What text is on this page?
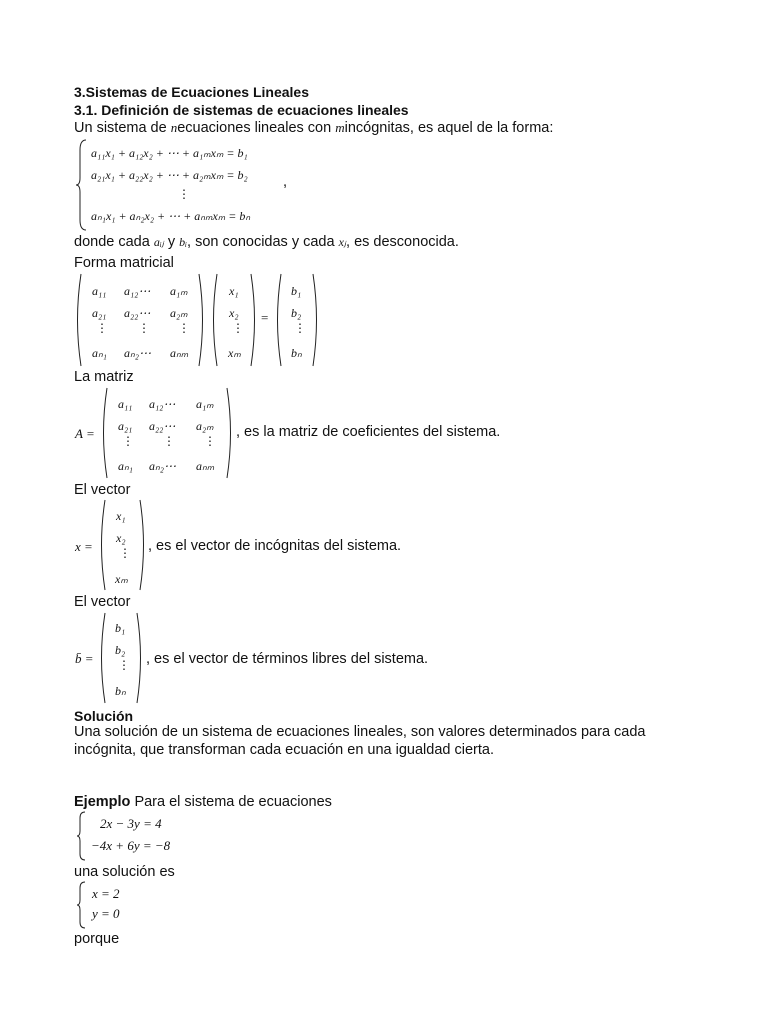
3.Sistemas de Ecuaciones Lineales
3.1. Definición de sistemas de ecuaciones lineales
Un sistema de necuaciones lineales con mincógnitas, es aquel de la forma:
a₁₁x₁ + a₁₂x₂ + ⋯ + a₁ₘxₘ = b₁
a₂₁x₁ + a₂₂x₂ + ⋯ + a₂ₘxₘ = b₂
⋮
aₙ₁x₁ + aₙ₂x₂ + ⋯ + aₙₘxₘ = bₙ
,
donde cada aᵢⱼ y bᵢ, son conocidas y cada xⱼ, es desconocida.
Forma matricial
a₁₁ a₁₂⋯ a₁ₘ
a₂₁ a₂₂⋯ a₂ₘ
⋮	⋮ ⋮
aₙ₁ aₙ₂⋯ aₙₘ
x₁
x₂
⋮
xₘ
=
b₁
b₂
⋮
bₙ
La matriz
A =
a₁₁ a₁₂⋯ a₁ₘ
a₂₁ a₂₂⋯ a₂ₘ
⋮ ⋮ ⋮
aₙ₁ aₙ₂⋯ aₙₘ
, es la matriz de coeficientes del sistema.
El vector
x =
x₁
x₂
⋮
xₘ
, es el vector de incógnitas del sistema.
El vector
b̄ =
b₁
b₂
⋮
bₙ
, es el vector de términos libres del sistema.
Solución
Una solución de un sistema de ecuaciones lineales, son valores determinados para cada
incógnita, que transforman cada ecuación en una igualdad cierta.
Ejemplo Para el sistema de ecuaciones
2x − 3y = 4
−4x + 6y = −8
una solución es
x = 2
y = 0
porque
